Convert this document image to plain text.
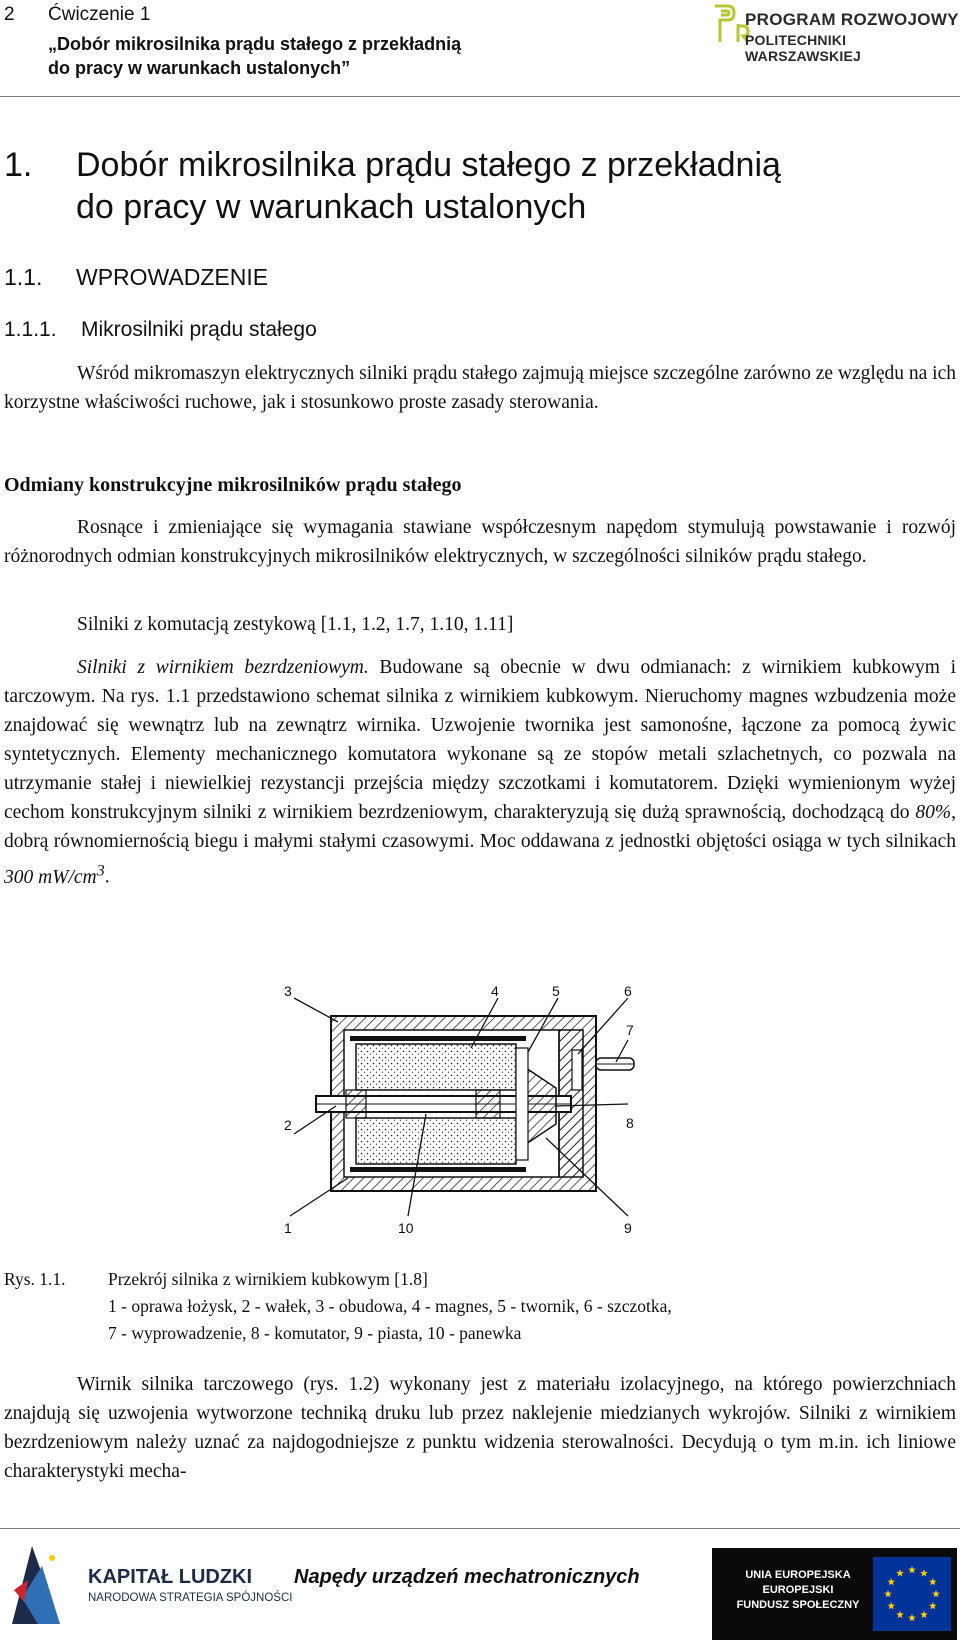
2 Ćwiczenie 1
„Dobór mikrosilnika prądu stałego z przekładnią
do pracy w warunkach ustalonych”
PROGRAM ROZWOJOWY
POLITECHNIKI WARSZAWSKIEJ
1. Dobór mikrosilnika prądu stałego z przekładnią
do pracy w warunkach ustalonych
1.1. WPROWADZENIE
1.1.1. Mikrosilniki prądu stałego

Wśród mikromaszyn elektrycznych silniki prądu stałego zajmują miejsce szczególne zarówno ze względu na ich korzystne właściwości ruchowe, jak i stosunkowo proste zasady sterowania.

Odmiany konstrukcyjne mikrosilników prądu stałego

Rosnące i zmieniające się wymagania stawiane współczesnym napędom stymulują powstawanie i rozwój różnorodnych odmian konstrukcyjnych mikrosilników elektrycznych, w szczególności silników prądu stałego.

Silniki z komutacją zestykową [1.1, 1.2, 1.7, 1.10, 1.11]

Silniki z wirnikiem bezrdzeniowym. Budowane są obecnie w dwu odmianach: z wirnikiem kubkowym i tarczowym. Na rys. 1.1 przedstawiono schemat silnika z wirnikiem kubkowym. Nieruchomy magnes wzbudzenia może znajdować się wewnątrz lub na zewnątrz wirnika. Uzwojenie twornika jest samonośne, łączone za pomocą żywic syntetycznych. Elementy mechanicznego komutatora wykonane są ze stopów metali szlachetnych, co pozwala na utrzymanie stałej i niewielkiej rezystancji przejścia między szczotkami i komutatorem. Dzięki wymienionym wyżej cechom konstrukcyjnym silniki z wirnikiem bezrdzeniowym, charakteryzują się dużą sprawnością, dochodzącą do 80%, dobrą równomiernością biegu i małymi stałymi czasowymi. Moc oddawana z jednostki objętości osiąga w tych silnikach 300 $mW/cm^3$.

3	4	5	6
7
8
2
1	10	9
Rys. 1.1. Przekrój silnika z wirnikiem kubkowym [1.8]
1 - oprawa łożysk, 2 - wałek, 3 - obudowa, 4 - magnes, 5 - twornik, 6 - szczotka,
7 - wyprowadzenie, 8 - komutator, 9 - piasta, 10 - panewka

Wirnik silnika tarczowego (rys. 1.2) wykonany jest z materiału izolacyjnego, na którego powierzchniach znajdują się uzwojenia wytworzone techniką druku lub przez naklejenie miedzianych wykrojów. Silniki z wirnikiem bezrdzeniowym należy uznać za najdogodniejsze z punktu widzenia sterowalności. Decydują o tym m.in. ich liniowe charakterystyki mecha-

KAPITAŁ LUDZKI
NARODOWA STRATEGIA SPÓJNOŚCI
Napędy urządzeń mechatronicznych	UNIA EUROPEJSKA
EUROPEJSKI
FUNDUSZ SPOŁECZNY
